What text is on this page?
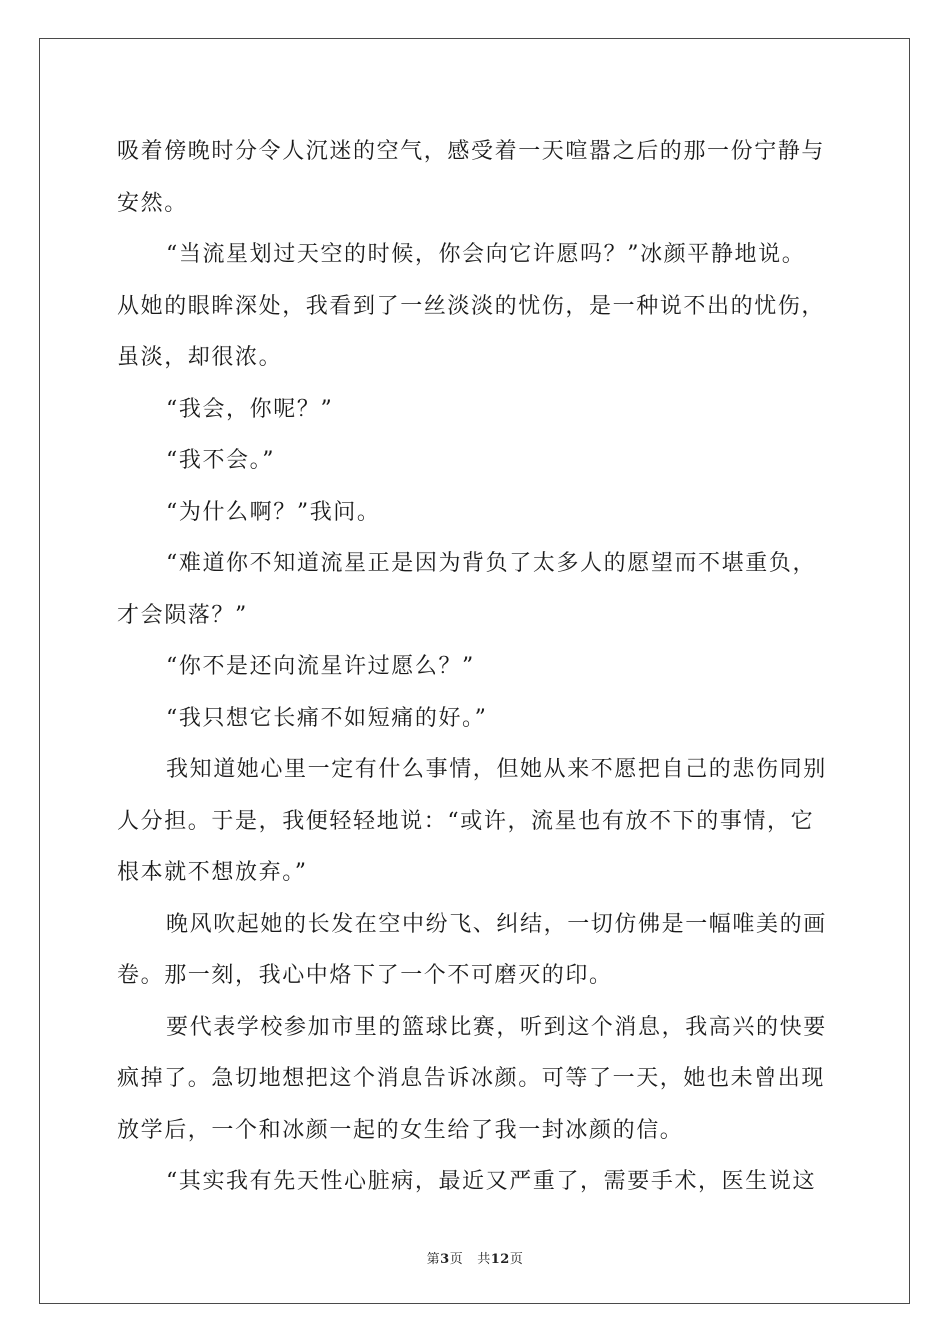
吸着傍晚时分令人沉迷的空气，感受着一天喧嚣之后的那一份宁静与
安然。
“当流星划过天空的时候，你会向它许愿吗？”冰颜平静地说。
从她的眼眸深处，我看到了一丝淡淡的忧伤，是一种说不出的忧伤，
虽淡，却很浓。
“我会，你呢？”
“我不会。”
“为什么啊？”我问。
“难道你不知道流星正是因为背负了太多人的愿望而不堪重负，
才会陨落？”
“你不是还向流星许过愿么？”
“我只想它长痛不如短痛的好。”
我知道她心里一定有什么事情，但她从来不愿把自己的悲伤同别
人分担。于是，我便轻轻地说：“或许，流星也有放不下的事情，它
根本就不想放弃。”
晚风吹起她的长发在空中纷飞、纠结，一切仿佛是一幅唯美的画
卷。那一刻，我心中烙下了一个不可磨灭的印。
要代表学校参加市里的篮球比赛，听到这个消息，我高兴的快要
疯掉了。急切地想把这个消息告诉冰颜。可等了一天，她也未曾出现
放学后，一个和冰颜一起的女生给了我一封冰颜的信。
“其实我有先天性心脏病，最近又严重了，需要手术，医生说这
第3页 共12页
